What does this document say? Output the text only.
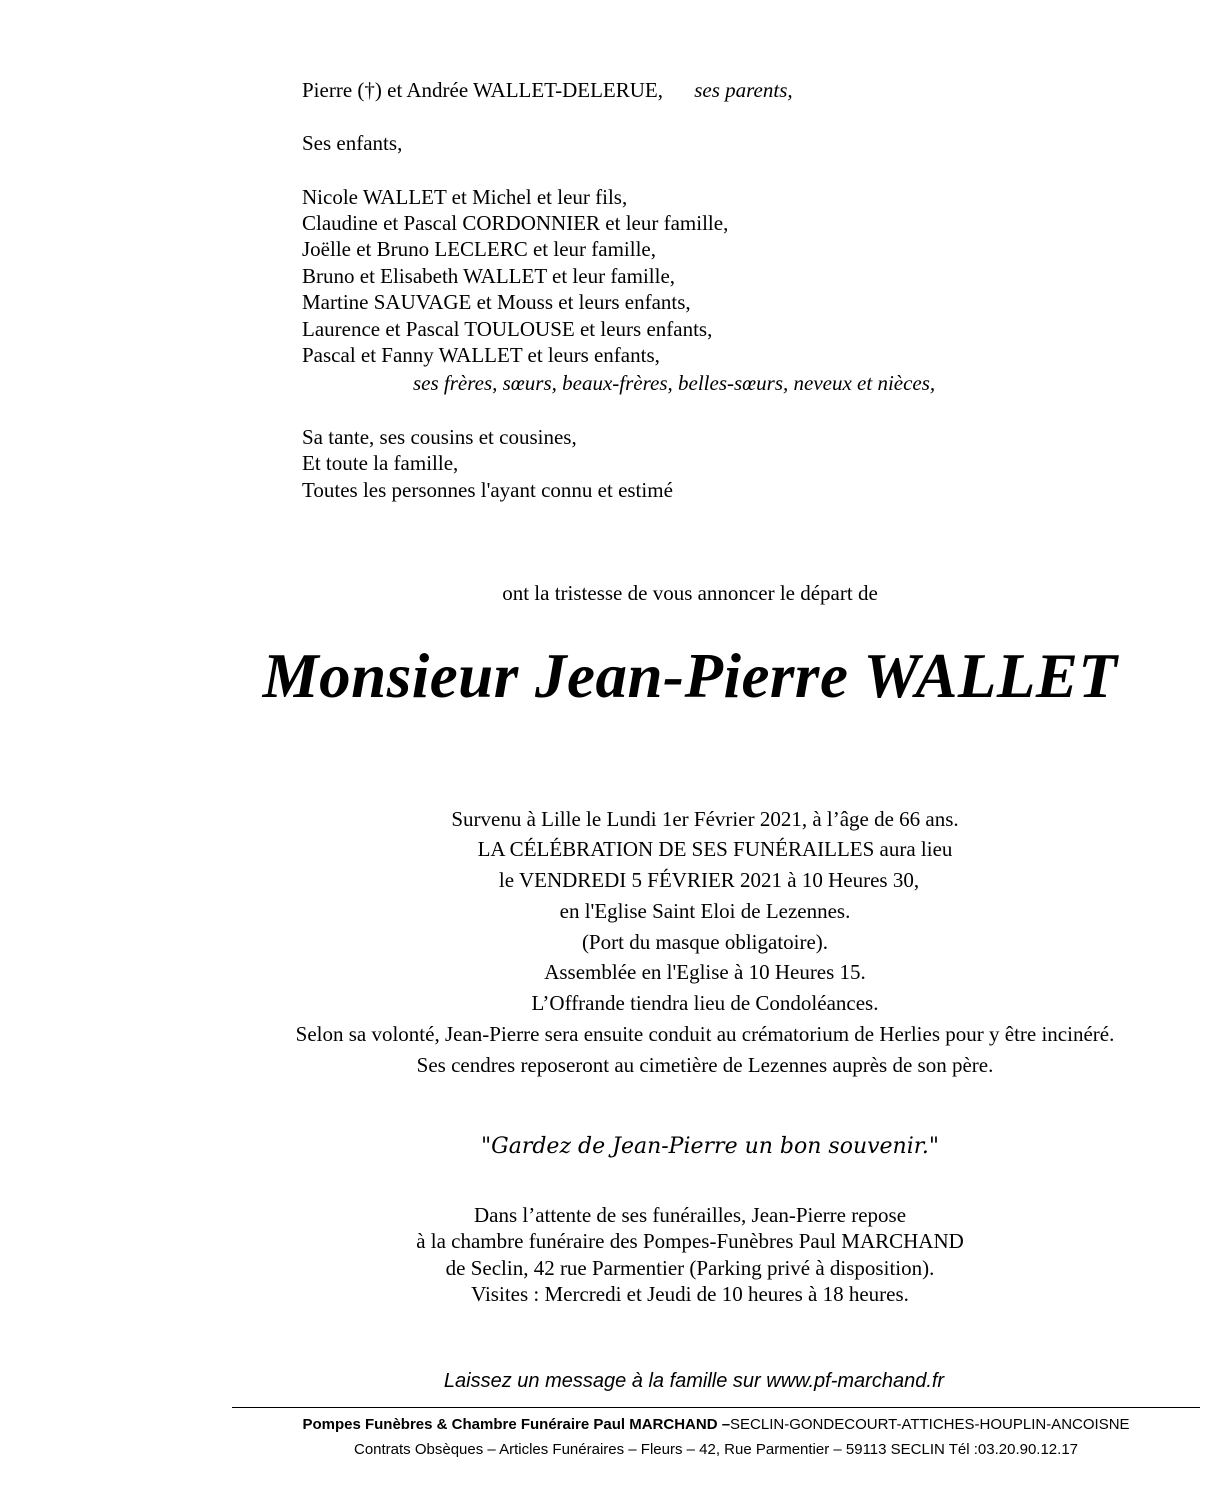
Pierre (†) et Andrée WALLET-DELERUE, ses parents,
Ses enfants,
Nicole WALLET et Michel et leur fils,
Claudine et Pascal CORDONNIER et leur famille,
Joëlle et Bruno LECLERC et leur famille,
Bruno et Elisabeth WALLET et leur famille,
Martine SAUVAGE et Mouss et leurs enfants,
Laurence et Pascal TOULOUSE et leurs enfants,
Pascal et Fanny WALLET et leurs enfants,
ses frères, sœurs, beaux-frères, belles-sœurs, neveux et nièces,
Sa tante, ses cousins et cousines,
Et toute la famille,
Toutes les personnes l'ayant connu et estimé
ont la tristesse de vous annoncer le départ de
Monsieur Jean-Pierre WALLET
Survenu à Lille le Lundi 1er Février 2021, à l’âge de 66 ans.
LA CÉLÉBRATION DE SES FUNÉRAILLES aura lieu
le VENDREDI 5 FÉVRIER 2021 à 10 Heures 30,
en l'Eglise Saint Eloi de Lezennes.
(Port du masque obligatoire).
Assemblée en l'Eglise à 10 Heures 15.
L’Offrande tiendra lieu de Condoléances.
Selon sa volonté, Jean-Pierre sera ensuite conduit au crématorium de Herlies pour y être incinéré.
Ses cendres reposeront au cimetière de Lezennes auprès de son père.
"Gardez de Jean-Pierre un bon souvenir."
Dans l’attente de ses funérailles, Jean-Pierre repose
à la chambre funéraire des Pompes-Funèbres Paul MARCHAND
de Seclin, 42 rue Parmentier (Parking privé à disposition).
Visites : Mercredi et Jeudi de 10 heures à 18 heures.
Laissez un message à la famille sur www.pf-marchand.fr
Pompes Funèbres & Chambre Funéraire Paul MARCHAND –SECLIN-GONDECOURT-ATTICHES-HOUPLIN-ANCOISNE
Contrats Obsèques – Articles Funéraires – Fleurs – 42, Rue Parmentier – 59113 SECLIN Tél :03.20.90.12.17
